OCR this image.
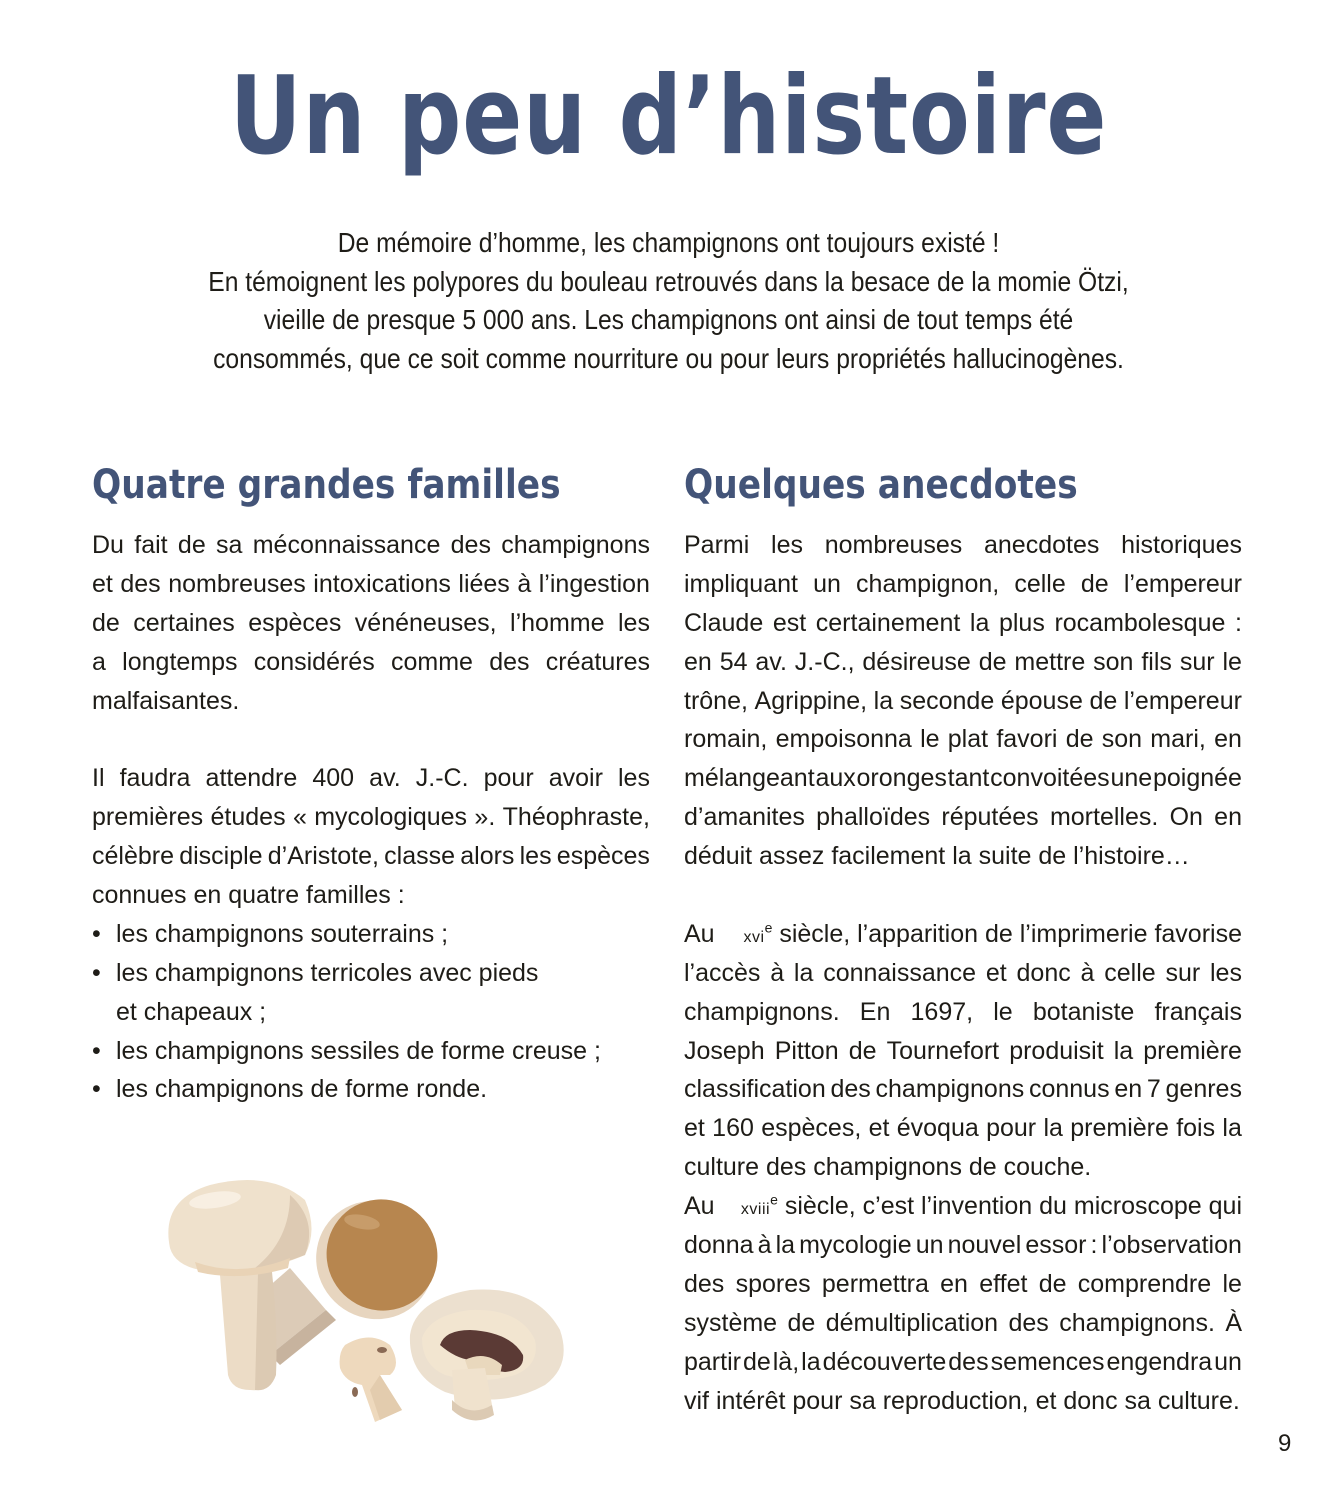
Un peu d’histoire
De mémoire d’homme, les champignons ont toujours existé !
En témoignent les polypores du bouleau retrouvés dans la besace de la momie Ötzi,
vieille de presque 5 000 ans. Les champignons ont ainsi de tout temps été
consommés, que ce soit comme nourriture ou pour leurs propriétés hallucinogènes.
Quatre grandes familles
Du fait de sa méconnaissance des champignons
et des nombreuses intoxications liées à l’ingestion
de certaines espèces vénéneuses, l’homme les
a longtemps considérés comme des créatures
malfaisantes.
Il faudra attendre 400 av. J.-C. pour avoir les
premières études « mycologiques ». Théophraste,
célèbre disciple d’Aristote, classe alors les espèces
connues en quatre familles :
• les champignons souterrains ;
• les champignons terricoles avec pieds
et chapeaux ;
• les champignons sessiles de forme creuse ;
• les champignons de forme ronde.
Quelques anecdotes
Parmi les nombreuses anecdotes historiques
impliquant un champignon, celle de l’empereur
Claude est certainement la plus rocambolesque :
en 54 av. J.-C., désireuse de mettre son fils sur le
trône, Agrippine, la seconde épouse de l’empereur
romain, empoisonna le plat favori de son mari, en
mélangeant aux oronges tant convoitées une poignée
d’amanites phalloïdes réputées mortelles. On en
déduit assez facilement la suite de l’histoire…
Au xvi$^e$ siècle, l’apparition de l’imprimerie favorise
l’accès à la connaissance et donc à celle sur les
champignons. En 1697, le botaniste français
Joseph Pitton de Tournefort produisit la première
classification des champignons connus en 7 genres
et 160 espèces, et évoqua pour la première fois la
culture des champignons de couche.
Au xviii$^e$ siècle, c’est l’invention du microscope qui
donna à la mycologie un nouvel essor : l’observation
des spores permettra en effet de comprendre le
système de démultiplication des champignons. À
partir de là, la découverte des semences engendra un
vif intérêt pour sa reproduction, et donc sa culture.
9
